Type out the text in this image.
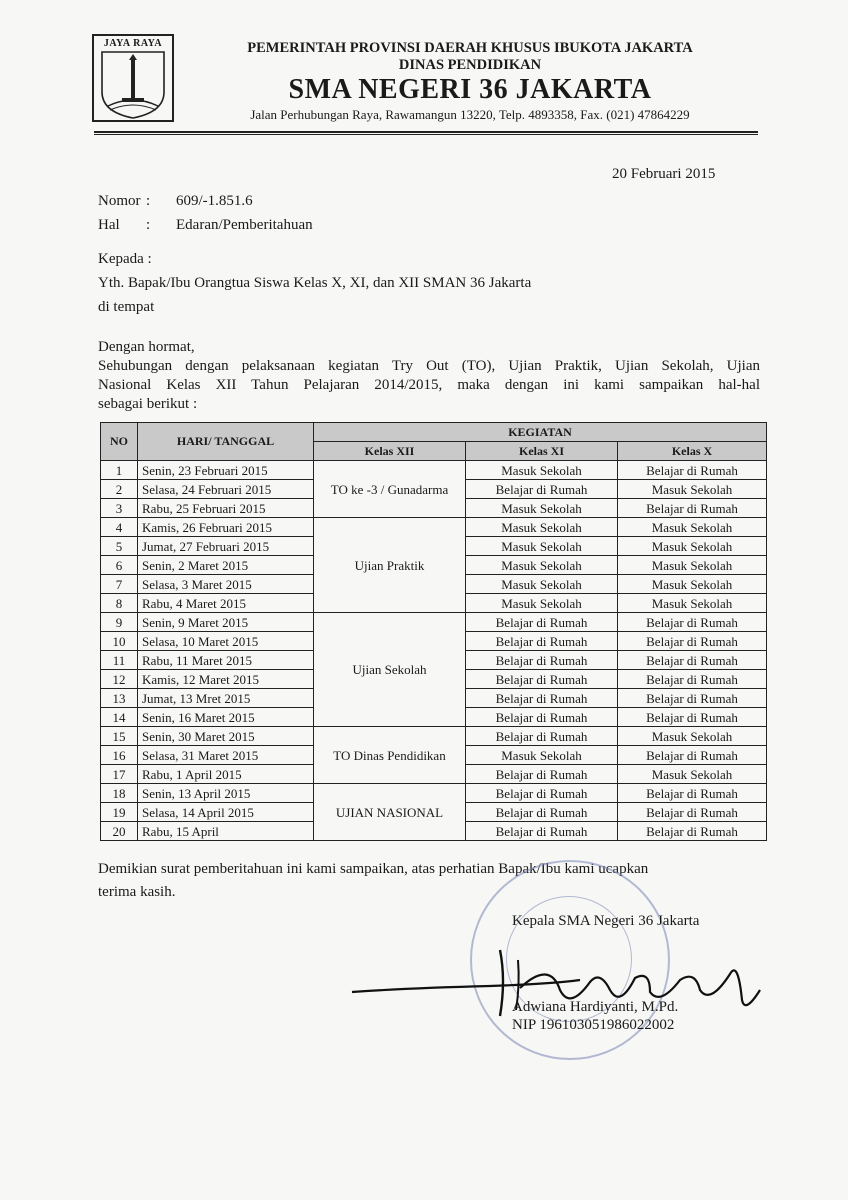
JAYA RAYA	PEMERINTAH PROVINSI DAERAH KHUSUS IBUKOTA JAKARTA
DINAS PENDIDIKAN
SMA NEGERI 36 JAKARTA
Jalan Perhubungan Raya, Rawamangun 13220, Telp. 4893358, Fax. (021) 47864229
20 Februari 2015
Nomor : 609/-1.851.6
Hal : Edaran/Pemberitahuan
Kepada :
Yth. Bapak/Ibu Orangtua Siswa Kelas X, XI, dan XII SMAN 36 Jakarta
di tempat
Dengan hormat,
Sehubungan dengan pelaksanaan kegiatan Try Out (TO), Ujian Praktik, Ujian Sekolah, Ujian
Nasional Kelas XII Tahun Pelajaran 2014/2015, maka dengan ini kami sampaikan hal-hal
sebagai berikut :
NO	HARI/ TANGGAL	KEGIATAN		
		Kelas XII	Kelas XI	Kelas X
1	Senin, 23 Februari 2015	TO ke -3 / Gunadarma	Masuk Sekolah	Belajar di Rumah
2	Selasa, 24 Februari 2015		Belajar di Rumah	Masuk Sekolah
3	Rabu, 25 Februari 2015		Masuk Sekolah	Belajar di Rumah
4	Kamis, 26 Februari 2015	Ujian Praktik	Masuk Sekolah	Masuk Sekolah
5	Jumat, 27 Februari 2015		Masuk Sekolah	Masuk Sekolah
6	Senin, 2 Maret 2015		Masuk Sekolah	Masuk Sekolah
7	Selasa, 3 Maret 2015		Masuk Sekolah	Masuk Sekolah
8	Rabu, 4 Maret 2015		Masuk Sekolah	Masuk Sekolah
9	Senin, 9 Maret 2015	Ujian Sekolah	Belajar di Rumah	Belajar di Rumah
10	Selasa, 10 Maret 2015		Belajar di Rumah	Belajar di Rumah
11	Rabu, 11 Maret 2015		Belajar di Rumah	Belajar di Rumah
12	Kamis, 12 Maret 2015		Belajar di Rumah	Belajar di Rumah
13	Jumat, 13 Mret 2015		Belajar di Rumah	Belajar di Rumah
14	Senin, 16 Maret 2015		Belajar di Rumah	Belajar di Rumah
15	Senin, 30 Maret 2015	TO Dinas Pendidikan	Belajar di Rumah	Masuk Sekolah
16	Selasa, 31 Maret 2015		Masuk Sekolah	Belajar di Rumah
17	Rabu, 1 April 2015		Belajar di Rumah	Masuk Sekolah
18	Senin, 13 April 2015	UJIAN NASIONAL	Belajar di Rumah	Belajar di Rumah
19	Selasa, 14 April 2015		Belajar di Rumah	Belajar di Rumah
20	Rabu, 15 April		Belajar di Rumah	Belajar di Rumah
Demikian surat pemberitahuan ini kami sampaikan, atas perhatian Bapak/Ibu kami ucapkan
terima kasih.
Kepala SMA Negeri 36 Jakarta
Adwiana Hardiyanti, M.Pd.
NIP 196103051986022002
